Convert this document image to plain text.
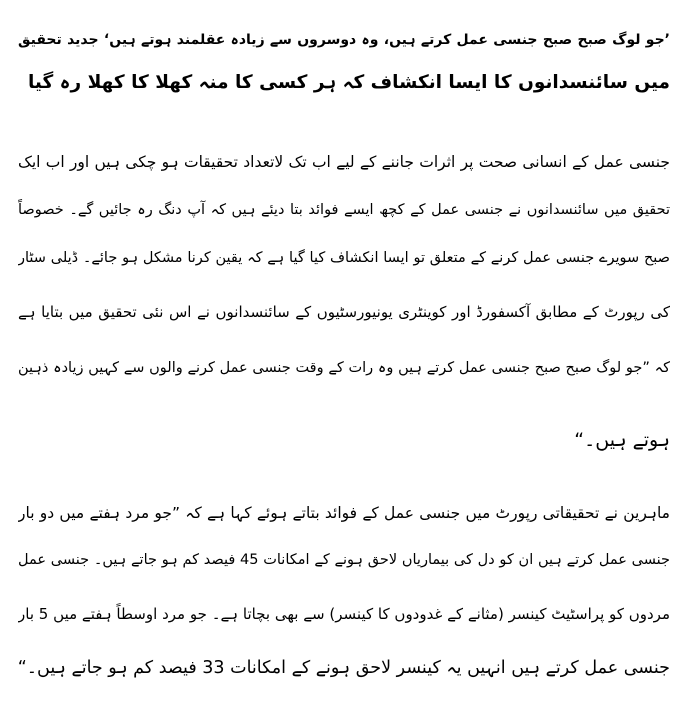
’جو لوگ صبح صبح جنسی عمل کرتے ہیں، وہ دوسروں سے زیادہ عقلمند ہوتے ہیں‘ جدید تحقیق
میں سائنسدانوں کا ایسا انکشاف کہ ہر کسی کا منہ کھلا کا کھلا رہ گیا
جنسی عمل کے انسانی صحت پر اثرات جاننے کے لیے اب تک لاتعداد تحقیقات ہو چکی ہیں اور اب ایک
تحقیق میں سائنسدانوں نے جنسی عمل کے کچھ ایسے فوائد بتا دیئے ہیں کہ آپ دنگ رہ جائیں گے۔ خصوصاً
صبح سویرے جنسی عمل کرنے کے متعلق تو ایسا انکشاف کیا گیا ہے کہ یقین کرنا مشکل ہو جائے۔ ڈیلی سٹار
کی رپورٹ کے مطابق آکسفورڈ اور کوینٹری یونیورسٹیوں کے سائنسدانوں نے اس نئی تحقیق میں بتایا ہے
کہ ”جو لوگ صبح صبح جنسی عمل کرتے ہیں وہ رات کے وقت جنسی عمل کرنے والوں سے کہیں زیادہ ذہین
ہوتے ہیں۔“
ماہرین نے تحقیقاتی رپورٹ میں جنسی عمل کے فوائد بتاتے ہوئے کہا ہے کہ ”جو مرد ہفتے میں دو بار
جنسی عمل کرتے ہیں ان کو دل کی بیماریاں لاحق ہونے کے امکانات 45 فیصد کم ہو جاتے ہیں۔ جنسی عمل
مردوں کو پراسٹیٹ کینسر (مثانے کے غدودوں کا کینسر) سے بھی بچاتا ہے۔ جو مرد اوسطاً ہفتے میں 5 بار
جنسی عمل کرتے ہیں انہیں یہ کینسر لاحق ہونے کے امکانات 33 فیصد کم ہو جاتے ہیں۔“
